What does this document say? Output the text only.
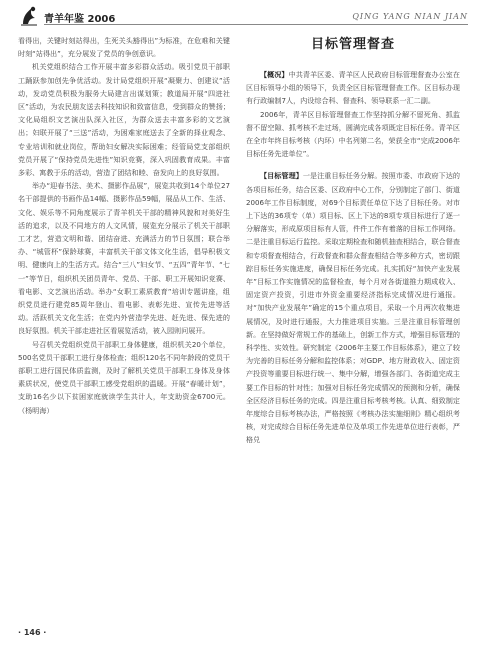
青羊年鉴 2006	QING YANG NIAN JIAN

看得出，关键时刻站得出，生死关头豁得出”为标准，在危难和关键时刻“站得出”，充分展发了党员的争创意识。

机关党组织结合工作开展丰富多彩群众活动。吸引党员干部职工踊跃参加创先争优活动。发计局党组织开展“凝聚力、创建议”活动，发动党员积极为服务大局建言出谋划策；教道局开展“四进社区”活动，为农民朋友送去科技知识和致富信息，受到群众的赞扬；文化局组织文艺演出队深入社区，为群众送去丰富多彩的文艺演出；妇联开展了“三送”活动，为困难家庭送去了全新的择业观念、专业培训和就业岗位，帮助妇女解决实际困难；经管局党支部组织党员开展了“保持党员先进性”知识竞赛，深入巩固教育成果。丰富多彩、寓教于乐的活动，营造了团结和睦、奋发向上的良好氛围。

举办“迎春书法、美术、摄影作品展”，展览共收到14个单位27名干部提供的书画作品14幅、摄影作品59幅，展品从工作、生活、文化、娱乐等不同角度展示了青羊机关干部的精神风貌和对美好生活的追求，以及不同地方的人文风情，展览充分展示了机关干部职工才艺，营造文明和谐、团结奋进、充满活力的节日氛围；联合举办、“城管杯”保龄球赛，丰富机关干部文体文化生活，倡导积极文明、健康向上的生活方式。结合“三八”妇女节、“五四”青年节、“七一”等节日，组织机关团员青年、党员、干部、职工开展知识竞赛、看电影、文艺演出活动。举办“女职工素质教育”培训专题讲座，组织党员进行建党85周年登山、看电影、表彰先进、宣传先进等活动。活跃机关文化生活；在党内外营造学先进、赶先进、保先进的良好氛围。机关干部走进社区看展览活动，被入园则问展开。

号召机关党组织党员干部职工身体健康，组织机关20个单位，500名党员干部职工进行身体检查；组织120名不同年龄段的党员干部职工进行国民体质监测，及时了解机关党员干部职工身体及身体素质状况，使党员干部职工感受党组织的温暖。开展“春暖计划”，支助16名少以下贫困家庭就读学生共计人，年支助资金6700元。（杨明海）

目标管理督查

【概况】中共青羊区委、青羊区人民政府目标管理督查办公室在区目标领导小组的领导下，负责全区目标管理督查工作。区目标办现有行政编制7人，内设综合科、督查科、领导联系一汇二副。

2006年，青羊区目标管理督查工作坚持抓分解不留死角、抓监督不留空隙、抓考核不走过场，圆满完成各项既定目标任务。青羊区在全市年终目标考核（内环）中名列第二名，荣获全市“完成2006年目标任务先进单位”。

【目标管理】一是注重目标任务分解。按照市委、市政府下达的各项目标任务，结合区委、区政府中心工作，分别制定了部门、街道2006年工作目标制度，对69个目标责任单位下达了目标任务。对市上下达的36项专（单）项目标、区上下达的8项专项目标进行了逐一分解落实，形成原项目标有人管，件件工作有着落的目标工作网络。二是注重目标运行监控。采取定期检查和随机抽查相结合，联合督查和专项督查相结合，行政督查和群众督查相结合等多种方式，密切跟踪目标任务实施进度，确保目标任务完成。扎实抓好“加快产业发展年”目标工作实施情况的监督检查，每个月对各街道推力期成收入、固定资产投资，引进市外资金重要经济指标完成情况进行通报。对“加快产业发展年”确定的15个重点项目，采取一个月两次收集进展情况，及时进行通报，大力推进项目实施。三是注重目标管理创新。在坚持做好常规工作的基础上，创新工作方式，增强目标管理的科学性、实效性。研究制定《2006年主要工作目标体系》，建立了较为完善的目标任务分解和监控体系；对GDP、地方财政收入、固定资产投资等重要目标进行统一、集中分解，增强各部门、各街道完成主要工作目标的针对性；加强对目标任务完成情况的预测和分析，确保全区经济目标任务的完成。四是注重目标考核考核。认真、细致制定年度综合目标考核办法，严格按照《考核办法实施细则》精心组织考核，对完成综合目标任务先进单位及单项工作先进单位进行表彰，严格兑

· 146 ·
